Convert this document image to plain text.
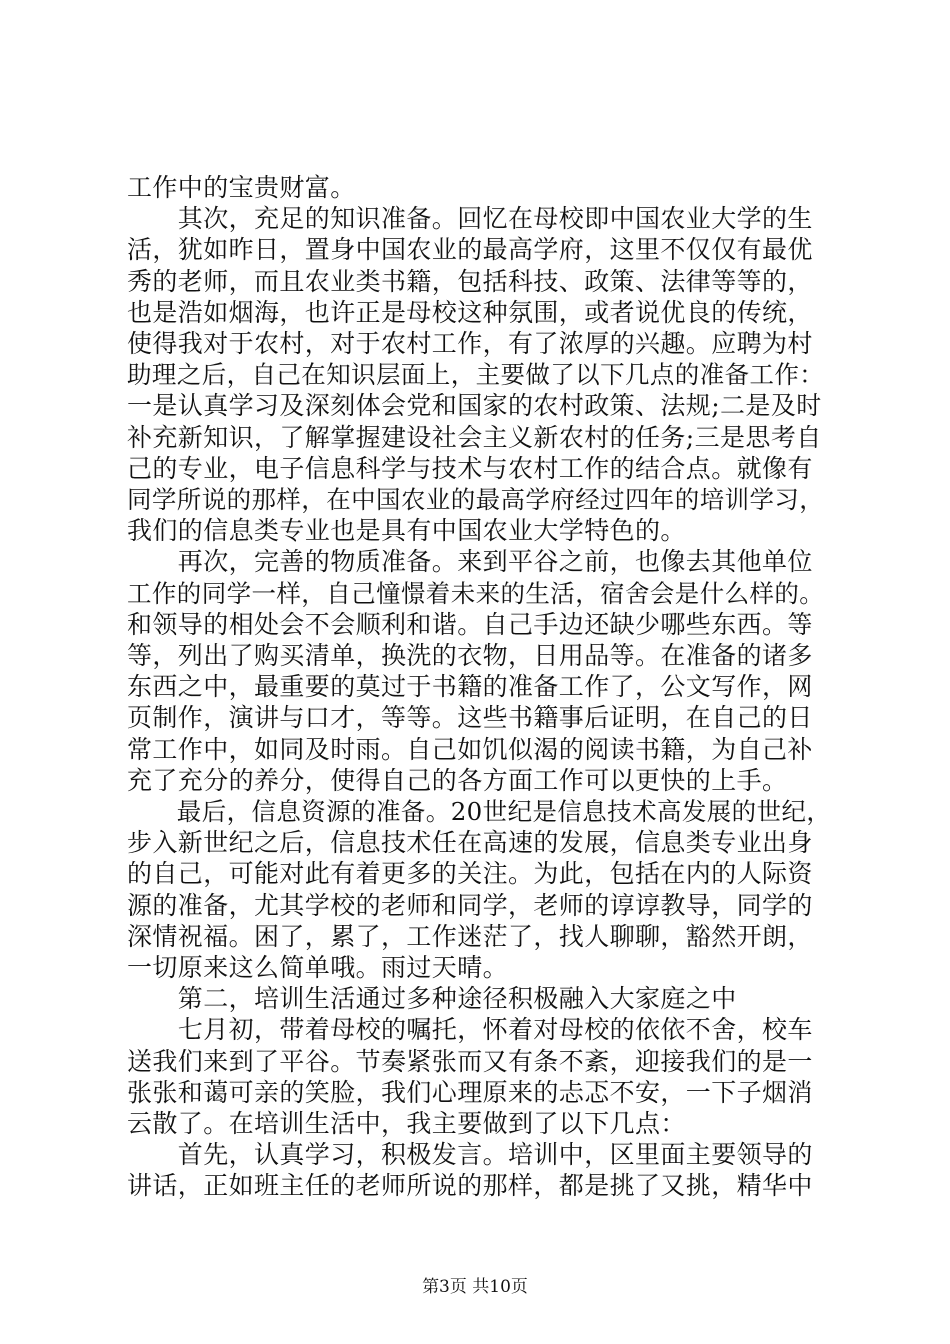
工作中的宝贵财富。
　　其次，充足的知识准备。回忆在母校即中国农业大学的生
活，犹如昨日，置身中国农业的最高学府，这里不仅仅有最优
秀的老师，而且农业类书籍，包括科技、政策、法律等等的，
也是浩如烟海，也许正是母校这种氛围，或者说优良的传统，
使得我对于农村，对于农村工作，有了浓厚的兴趣。应聘为村
助理之后，自己在知识层面上，主要做了以下几点的准备工作：
一是认真学习及深刻体会党和国家的农村政策、法规;二是及时
补充新知识，了解掌握建设社会主义新农村的任务;三是思考自
己的专业，电子信息科学与技术与农村工作的结合点。就像有
同学所说的那样，在中国农业的最高学府经过四年的培训学习，
我们的信息类专业也是具有中国农业大学特色的。
　　再次，完善的物质准备。来到平谷之前，也像去其他单位
工作的同学一样，自己憧憬着未来的生活，宿舍会是什么样的。
和领导的相处会不会顺利和谐。自己手边还缺少哪些东西。等
等，列出了购买清单，换洗的衣物，日用品等。在准备的诸多
东西之中，最重要的莫过于书籍的准备工作了，公文写作，网
页制作，演讲与口才，等等。这些书籍事后证明，在自己的日
常工作中，如同及时雨。自己如饥似渴的阅读书籍，为自己补
充了充分的养分，使得自己的各方面工作可以更快的上手。
　　最后，信息资源的准备。20世纪是信息技术高发展的世纪，
步入新世纪之后，信息技术任在高速的发展，信息类专业出身
的自己，可能对此有着更多的关注。为此，包括在内的人际资
源的准备，尤其学校的老师和同学，老师的谆谆教导，同学的
深情祝福。困了，累了，工作迷茫了，找人聊聊，豁然开朗，
一切原来这么简单哦。雨过天晴。
　　第二，培训生活通过多种途径积极融入大家庭之中
　　七月初，带着母校的嘱托，怀着对母校的依依不舍，校车
送我们来到了平谷。节奏紧张而又有条不紊，迎接我们的是一
张张和蔼可亲的笑脸，我们心理原来的忐忑不安，一下子烟消
云散了。在培训生活中，我主要做到了以下几点：
　　首先，认真学习，积极发言。培训中，区里面主要领导的
讲话，正如班主任的老师所说的那样，都是挑了又挑，精华中
第3页 共10页
